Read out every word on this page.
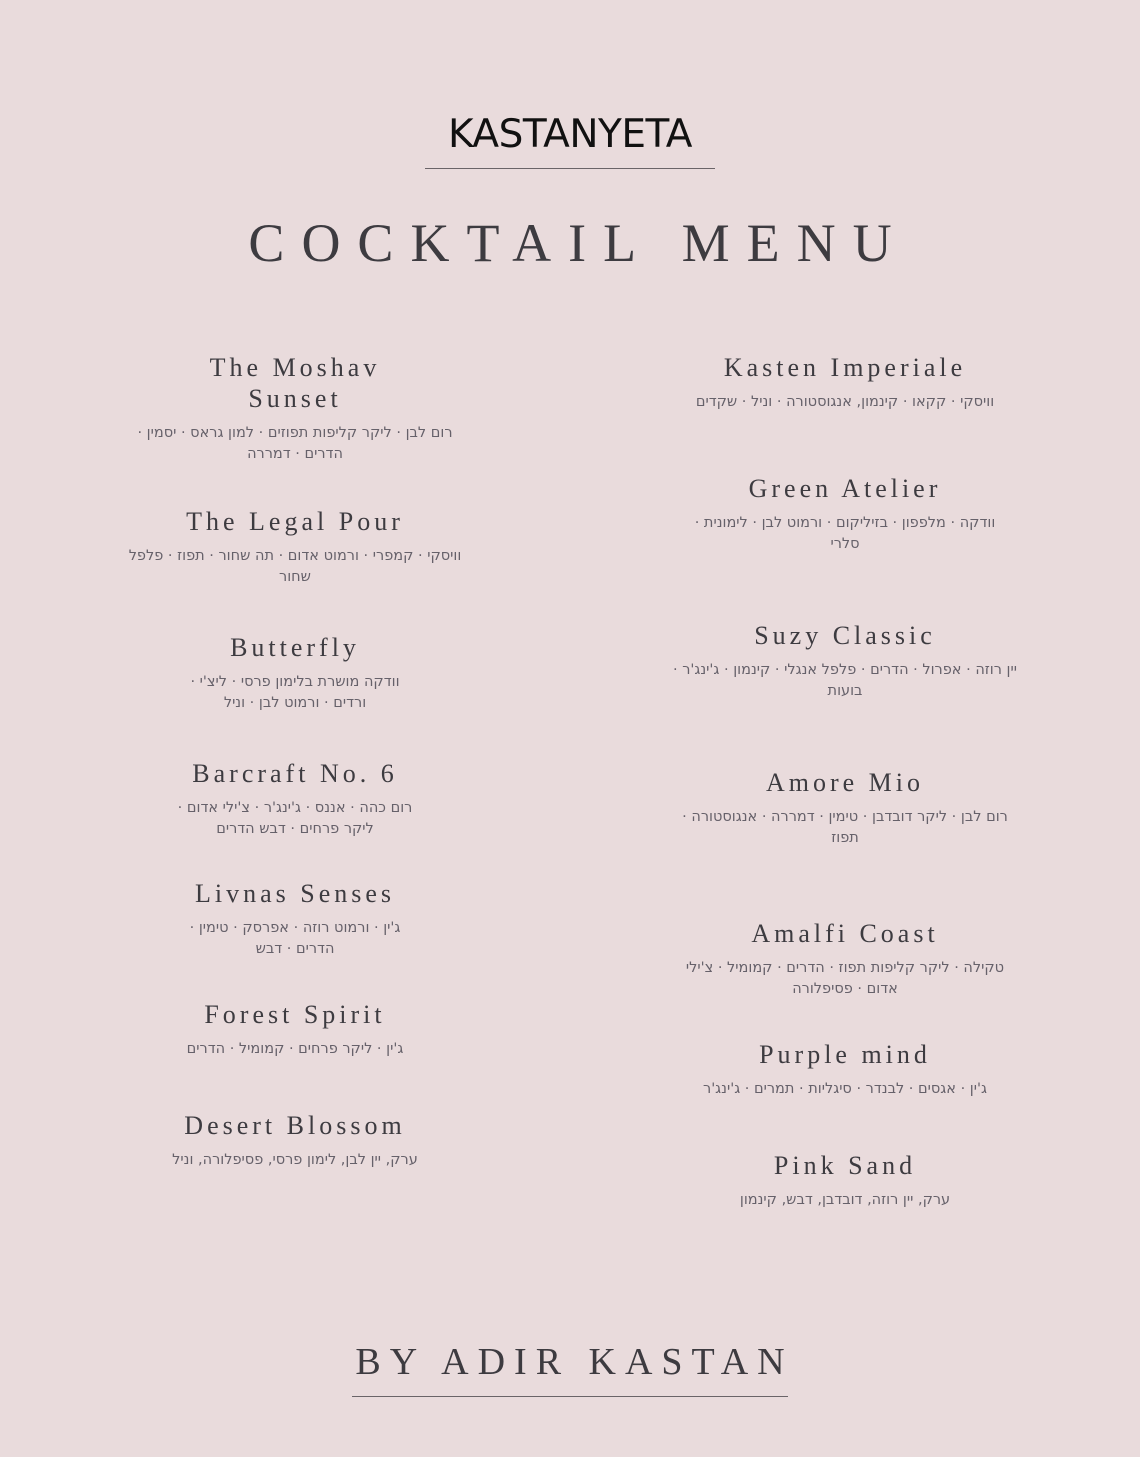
KASTANYETA
COCKTAIL MENU
The Moshav Sunset
רום לבן · ליקר קליפות תפוזים · למון גראס · יסמין · הדרים · דמררה
The Legal Pour
וויסקי · קמפרי · ורמוט אדום · תה שחור · תפוז · פלפל שחור
Butterfly
וודקה מושרת בלימון פרסי · ליצ'י · ורדים · ורמוט לבן · וניל
Barcraft No. 6
רום כהה · אננס · ג'ינג'ר · צ'ילי אדום · ליקר פרחים · דבש הדרים
Livnas Senses
ג'ין · ורמוט רוזה · אפרסק · טימין · הדרים · דבש
Forest Spirit
ג'ין · ליקר פרחים · קמומיל · הדרים
Desert Blossom
ערק, יין לבן, לימון פרסי, פסיפלורה, וניל
Kasten Imperiale
וויסקי · קקאו · קינמון, אנגוסטורה · וניל · שקדים
Green Atelier
וודקה · מלפפון · בזיליקום · ורמוט לבן · לימונית · סלרי
Suzy Classic
יין רוזה · אפרול · הדרים · פלפל אנגלי · קינמון · ג'ינג'ר · בועות
Amore Mio
רום לבן · ליקר דובדבן · טימין · דמררה · אנגוסטורה · תפוז
Amalfi Coast
טקילה · ליקר קליפות תפוז · הדרים · קמומיל · צ'ילי אדום · פסיפלורה
Purple mind
ג'ין · אגסים · לבנדר · סיגליות · תמרים · ג'ינג'ר
Pink Sand
ערק, יין רוזה, דובדבן, דבש, קינמון
BY ADIR KASTAN
